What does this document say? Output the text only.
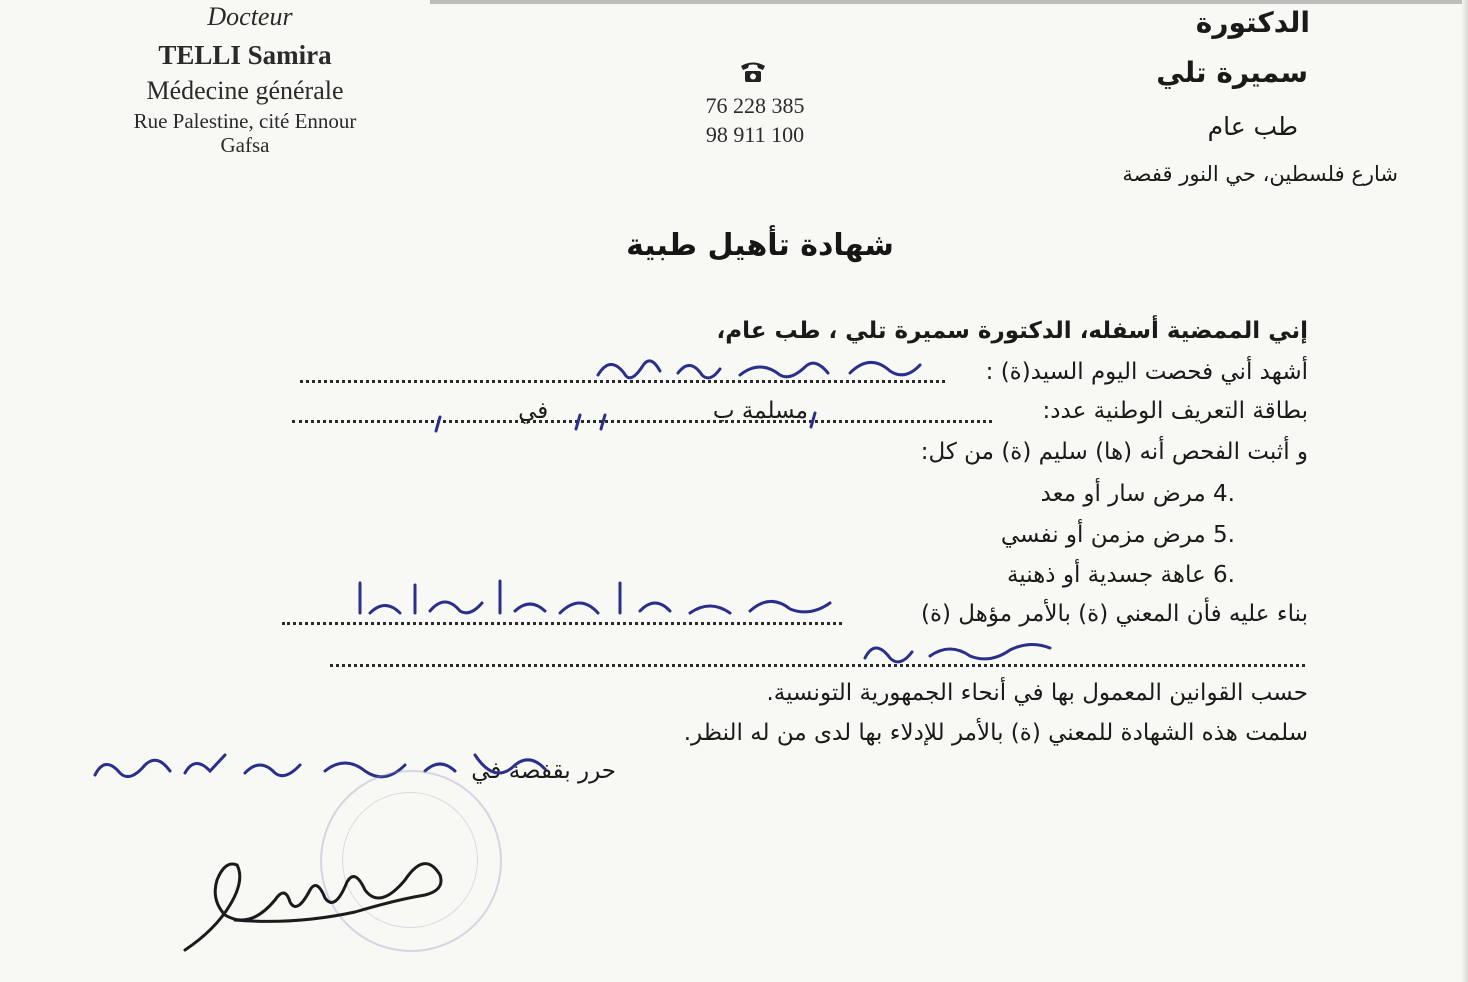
Docteur
TELLI Samira
Médecine générale
Rue Palestine, cité Ennour
Gafsa
76 228 385
98 911 100
الدكتورة
سميرة تلي
طب عام
شارع فلسطين، حي النور قفصة
شهادة تأهيل طبية
إني الممضية أسفله، الدكتورة سميرة تلي ، طب عام،
أشهد أني فحصت اليوم السيد(ة) :
بطاقة التعريف الوطنية عدد:  مسلمة ب  في
و أثبت الفحص أنه (ها) سليم (ة) من كل:
4. مرض سار أو معد
5. مرض مزمن أو نفسي
6. عاهة جسدية أو ذهنية
بناء عليه فأن المعني (ة) بالأمر مؤهل (ة)
حسب القوانين المعمول بها في أنحاء الجمهورية التونسية.
سلمت هذه الشهادة للمعني (ة) بالأمر للإدلاء بها لدى من له النظر.
حرر بقفصة في
